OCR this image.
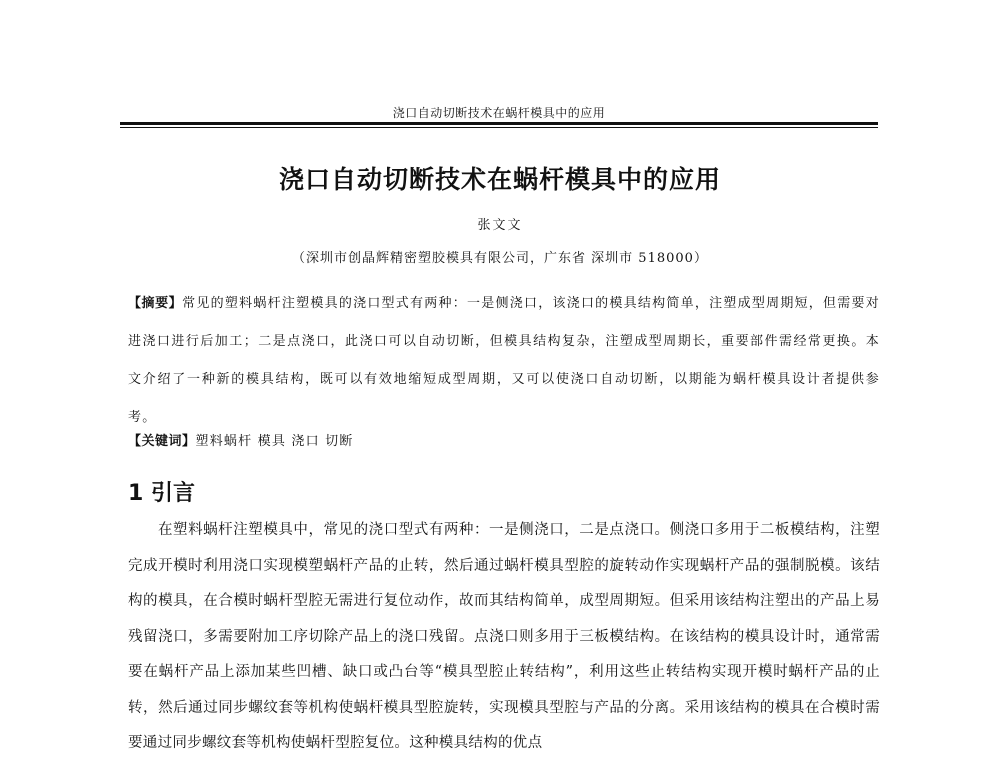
浇口自动切断技术在蜗杆模具中的应用
浇口自动切断技术在蜗杆模具中的应用
张文文
（深圳市创晶辉精密塑胶模具有限公司，广东省 深圳市 518000）

【摘要】常见的塑料蜗杆注塑模具的浇口型式有两种：一是侧浇口，该浇口的模具结构简单，注塑成型周期短，但需要对进浇口进行后加工；二是点浇口，此浇口可以自动切断，但模具结构复杂，注塑成型周期长，重要部件需经常更换。本文介绍了一种新的模具结构，既可以有效地缩短成型周期，又可以使浇口自动切断，以期能为蜗杆模具设计者提供参考。

【关键词】塑料蜗杆 模具 浇口 切断

1 引言

在塑料蜗杆注塑模具中，常见的浇口型式有两种：一是侧浇口，二是点浇口。侧浇口多用于二板模结构，注塑完成开模时利用浇口实现模塑蜗杆产品的止转，然后通过蜗杆模具型腔的旋转动作实现蜗杆产品的强制脱模。该结构的模具，在合模时蜗杆型腔无需进行复位动作，故而其结构简单，成型周期短。但采用该结构注塑出的产品上易残留浇口，多需要附加工序切除产品上的浇口残留。点浇口则多用于三板模结构。在该结构的模具设计时，通常需要在蜗杆产品上添加某些凹槽、缺口或凸台等“模具型腔止转结构”，利用这些止转结构实现开模时蜗杆产品的止转，然后通过同步螺纹套等机构使蜗杆模具型腔旋转，实现模具型腔与产品的分离。采用该结构的模具在合模时需要通过同步螺纹套等机构使蜗杆型腔复位。这种模具结构的优点
